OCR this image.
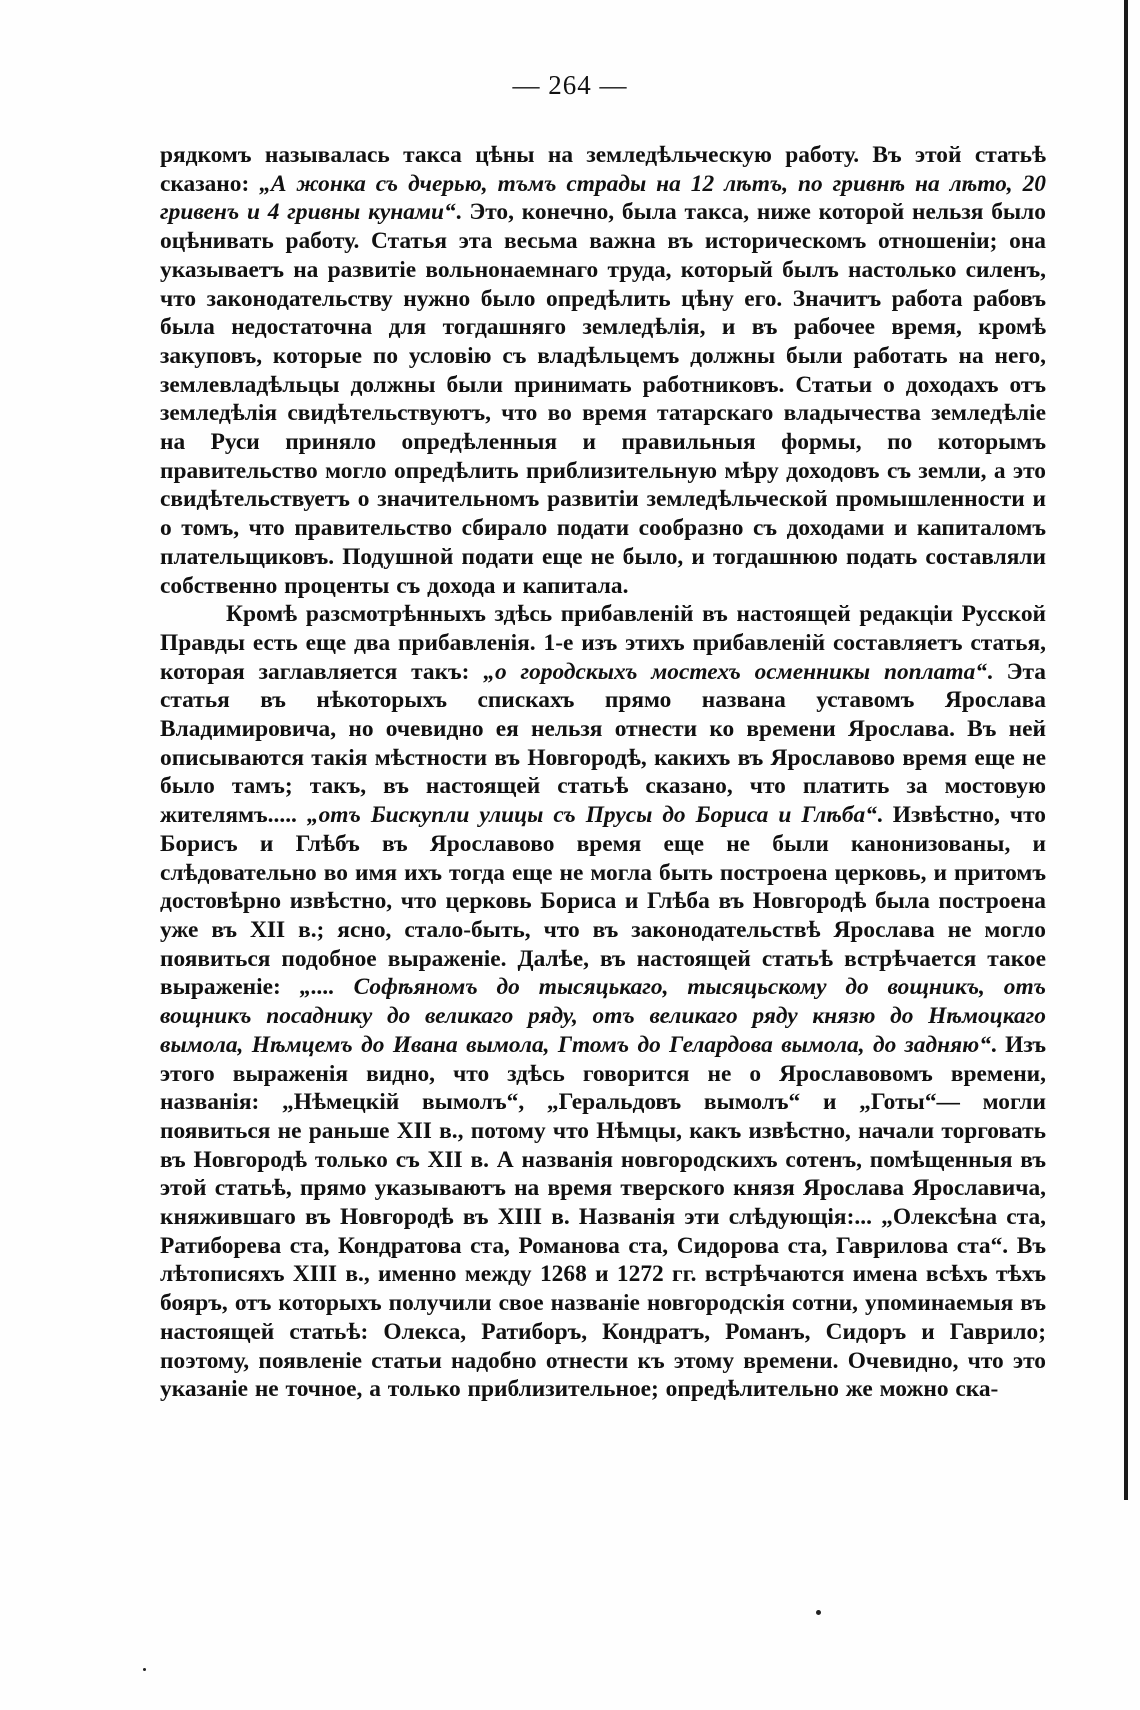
— 264 —

рядкомъ называлась такса цѣны на земледѣльческую работу. Въ этой статьѣ сказано: „А жонка съ дчерью, тъмъ страды на 12 лѣтъ, по гривнѣ на лѣто, 20 гривенъ и 4 гривны кунами“. Это, конечно, была такса, ниже которой нельзя было оцѣнивать работу. Статья эта весьма важна въ историческомъ отношеніи; она указываетъ на развитіе вольнонаемнаго труда, который былъ настолько силенъ, что законодательству нужно было опредѣлить цѣну его. Значитъ работа рабовъ была недостаточна для тогдашняго земледѣлія, и въ рабочее время, кромѣ закуповъ, которые по условію съ владѣльцемъ должны были работать на него, землевладѣльцы должны были принимать работниковъ. Статьи о доходахъ отъ земледѣлія свидѣтельствуютъ, что во время татарскаго владычества земледѣліе на Руси приняло опредѣленныя и правильныя формы, по которымъ правительство могло опредѣлить приблизительную мѣру доходовъ съ земли, а это свидѣтельствуетъ о значительномъ развитіи земледѣльческой промышленности и о томъ, что правительство сбирало подати сообразно съ доходами и капиталомъ плательщиковъ. Подушной подати еще не было, и тогдашнюю подать составляли собственно проценты съ дохода и капитала.

Кромѣ разсмотрѣнныхъ здѣсь прибавленій въ настоящей редакціи Русской Правды есть еще два прибавленія. 1-е изъ этихъ прибавленій составляетъ статья, которая заглавляется такъ: „о городскыхъ мостехъ осменникы поплата“. Эта статья въ нѣкоторыхъ спискахъ прямо названа уставомъ Ярослава Владимировича, но очевидно ея нельзя отнести ко времени Ярослава. Въ ней описываются такія мѣстности въ Новгородѣ, какихъ въ Ярославово время еще не было тамъ; такъ, въ настоящей статьѣ сказано, что платить за мостовую жителямъ..... „отъ Бискупли улицы съ Прусы до Бориса и Глѣба“. Извѣстно, что Борисъ и Глѣбъ въ Ярославово время еще не были канонизованы, и слѣдовательно во имя ихъ тогда еще не могла быть построена церковь, и притомъ достовѣрно извѣстно, что церковь Бориса и Глѣба въ Новгородѣ была построена уже въ XII в.; ясно, стало-быть, что въ законодательствѣ Ярослава не могло появиться подобное выраженіе. Далѣе, въ настоящей статьѣ встрѣчается такое выраженіе: „.... Софѣяномъ до тысяцькаго, тысяцьскому до вощникъ, отъ вощникъ посаднику до великаго ряду, отъ великаго ряду князю до Нѣмоцкаго вымола, Нѣмцемъ до Ивана вымола, Гтомъ до Гелардова вымола, до задняю“. Изъ этого выраженія видно, что здѣсь говорится не о Ярославовомъ времени, названія: „Нѣмецкій вымолъ“, „Геральдовъ вымолъ“ и „Готы“— могли появиться не раньше XII в., потому что Нѣмцы, какъ извѣстно, начали торговать въ Новгородѣ только съ XII в. А названія новгородскихъ сотенъ, помѣщенныя въ этой статьѣ, прямо указываютъ на время тверского князя Ярослава Ярославича, княжившаго въ Новгородѣ въ XIII в. Названія эти слѣдующія:... „Олексѣна ста, Ратиборева ста, Кондратова ста, Романова ста, Сидорова ста, Гаврилова ста“. Въ лѣтописяхъ XIII в., именно между 1268 и 1272 гг. встрѣчаются имена всѣхъ тѣхъ бояръ, отъ которыхъ получили свое названіе новгородскія сотни, упоминаемыя въ настоящей статьѣ: Олекса, Ратиборъ, Кондратъ, Романъ, Сидоръ и Гаврило; поэтому, появленіе статьи надобно отнести къ этому времени. Очевидно, что это указаніе не точное, а только приблизительное; опредѣлительно же можно ска-
